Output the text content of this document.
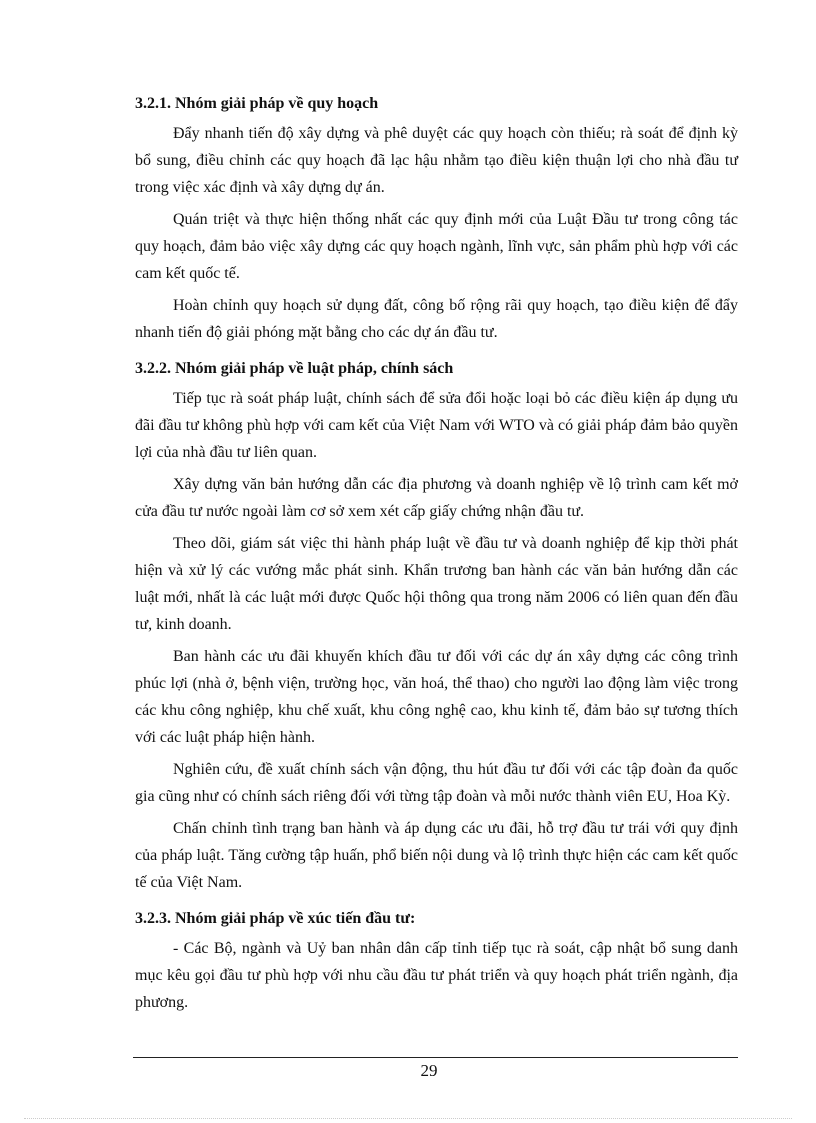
3.2.1. Nhóm giải pháp về quy hoạch

Đẩy nhanh tiến độ xây dựng và phê duyệt các quy hoạch còn thiếu; rà soát để định kỳ bổ sung, điều chỉnh các quy hoạch đã lạc hậu nhằm tạo điều kiện thuận lợi cho nhà đầu tư trong việc xác định và xây dựng dự án.

Quán triệt và thực hiện thống nhất các quy định mới của Luật Đầu tư trong công tác quy hoạch, đảm bảo việc xây dựng các quy hoạch ngành, lĩnh vực, sản phẩm phù hợp với các cam kết quốc tế.

Hoàn chỉnh quy hoạch sử dụng đất, công bố rộng rãi quy hoạch, tạo điều kiện để đẩy nhanh tiến độ giải phóng mặt bằng cho các dự án đầu tư.

3.2.2. Nhóm giải pháp về luật pháp, chính sách

Tiếp tục rà soát pháp luật, chính sách để sửa đổi hoặc loại bỏ các điều kiện áp dụng ưu đãi đầu tư không phù hợp với cam kết của Việt Nam với WTO và có giải pháp đảm bảo quyền lợi của nhà đầu tư liên quan.

Xây dựng văn bản hướng dẫn các địa phương và doanh nghiệp về lộ trình cam kết mở cửa đầu tư nước ngoài làm cơ sở xem xét cấp giấy chứng nhận đầu tư.

Theo dõi, giám sát việc thi hành pháp luật về đầu tư và doanh nghiệp để kịp thời phát hiện và xử lý các vướng mắc phát sinh. Khẩn trương ban hành các văn bản hướng dẫn các luật mới, nhất là các luật mới được Quốc hội thông qua trong năm 2006 có liên quan đến đầu tư, kinh doanh.

Ban hành các ưu đãi khuyến khích đầu tư đối với các dự án xây dựng các công trình phúc lợi (nhà ở, bệnh viện, trường học, văn hoá, thể thao) cho người lao động làm việc trong các khu công nghiệp, khu chế xuất, khu công nghệ cao, khu kinh tế, đảm bảo sự tương thích với các luật pháp hiện hành.

Nghiên cứu, đề xuất chính sách vận động, thu hút đầu tư đối với các tập đoàn đa quốc gia cũng như có chính sách riêng đối với từng tập đoàn và mỗi nước thành viên EU, Hoa Kỳ.

Chấn chỉnh tình trạng ban hành và áp dụng các ưu đãi, hỗ trợ đầu tư trái với quy định của pháp luật. Tăng cường tập huấn, phổ biến nội dung và lộ trình thực hiện các cam kết quốc tế của Việt Nam.

3.2.3. Nhóm giải pháp về xúc tiến đầu tư:

- Các Bộ, ngành và Uỷ ban nhân dân cấp tỉnh tiếp tục rà soát, cập nhật bổ sung danh mục kêu gọi đầu tư phù hợp với nhu cầu đầu tư phát triển và quy hoạch phát triển ngành, địa phương.

29
